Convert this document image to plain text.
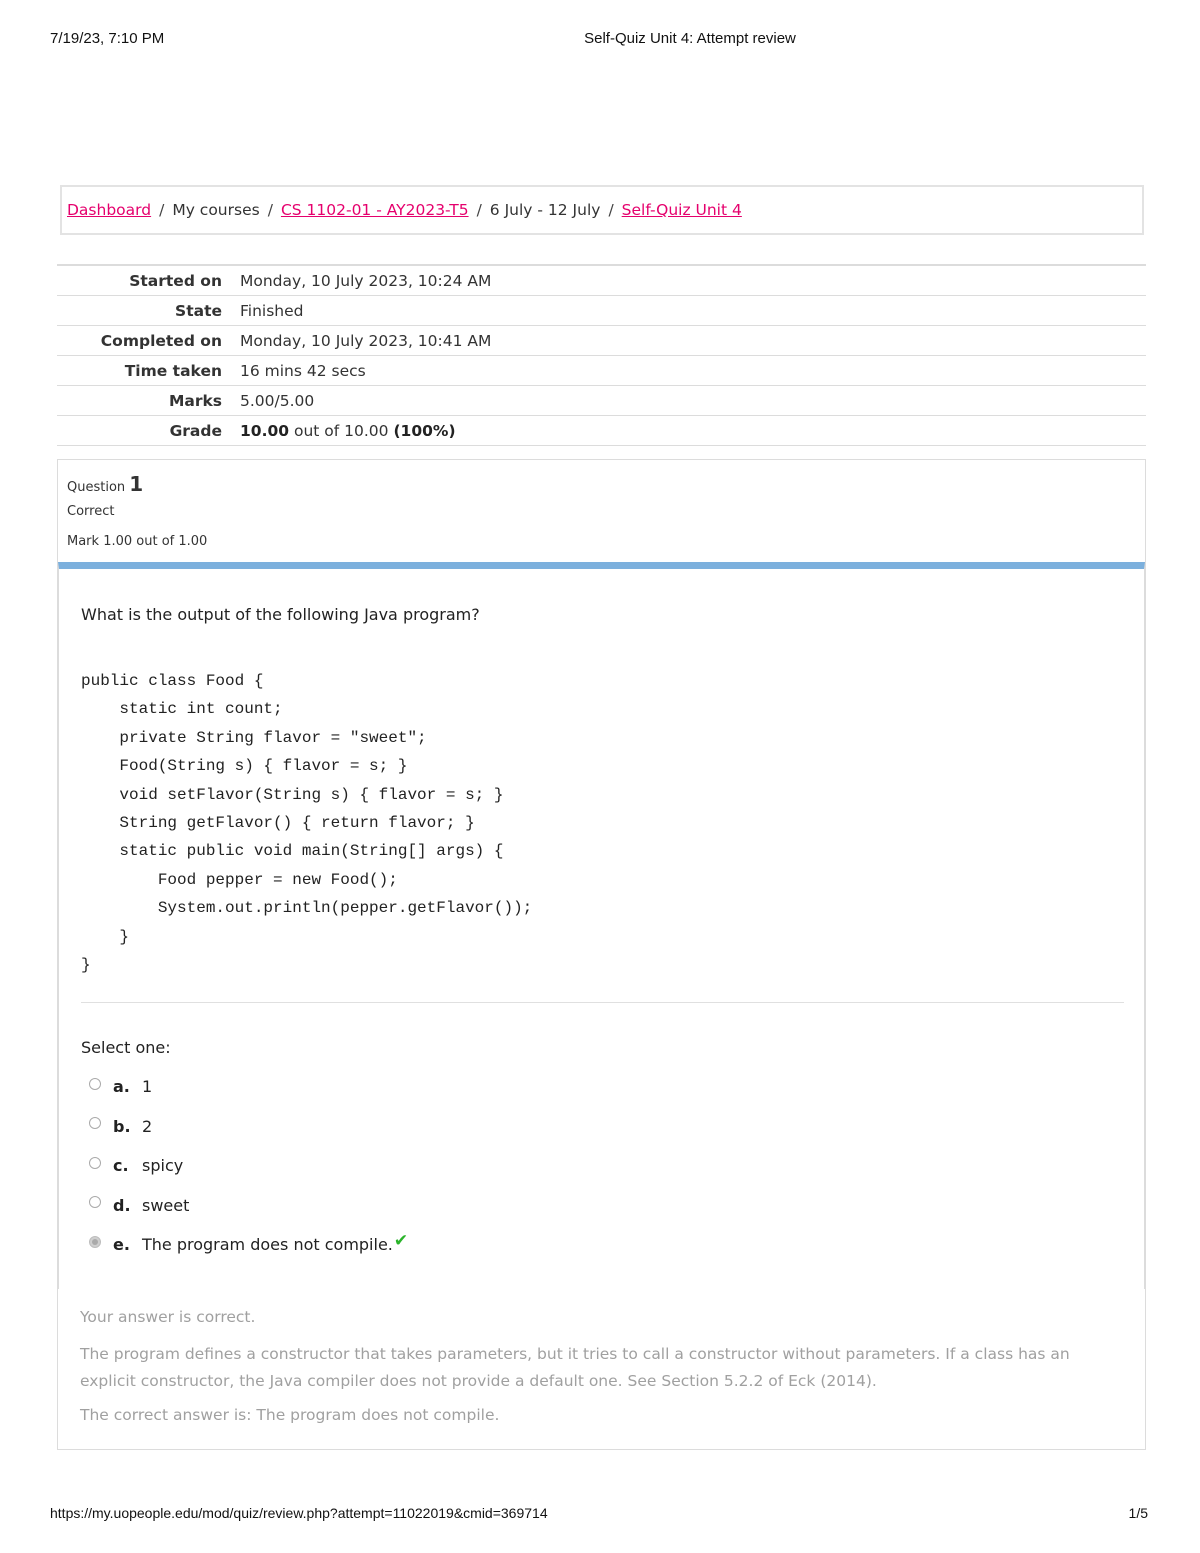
7/19/23, 7:10 PM	Self-Quiz Unit 4: Attempt review
Dashboard / My courses / CS 1102-01 - AY2023-T5 / 6 July - 12 July / Self-Quiz Unit 4
Started on	Monday, 10 July 2023, 10:24 AM
State	Finished
Completed on	Monday, 10 July 2023, 10:41 AM
Time taken	16 mins 42 secs
Marks	5.00/5.00
Grade	10.00 out of 10.00 (100%)
Question 1
Correct
Mark 1.00 out of 1.00
What is the output of the following Java program?
public class Food {
static int count;
private String flavor = "sweet";
Food(String s) { flavor = s; }
void setFlavor(String s) { flavor = s; }
String getFlavor() { return flavor; }
static public void main(String[] args) {
Food pepper = new Food();
System.out.println(pepper.getFlavor());
}
}
Select one:
a. 1
b. 2
c. spicy
d. sweet
e. The program does not compile. ✔
Your answer is correct.
The program defines a constructor that takes parameters, but it tries to call a constructor without parameters. If a class has an explicit constructor, the Java compiler does not provide a default one. See Section 5.2.2 of Eck (2014).
The correct answer is: The program does not compile.
https://my.uopeople.edu/mod/quiz/review.php?attempt=11022019&cmid=369714	1/5
